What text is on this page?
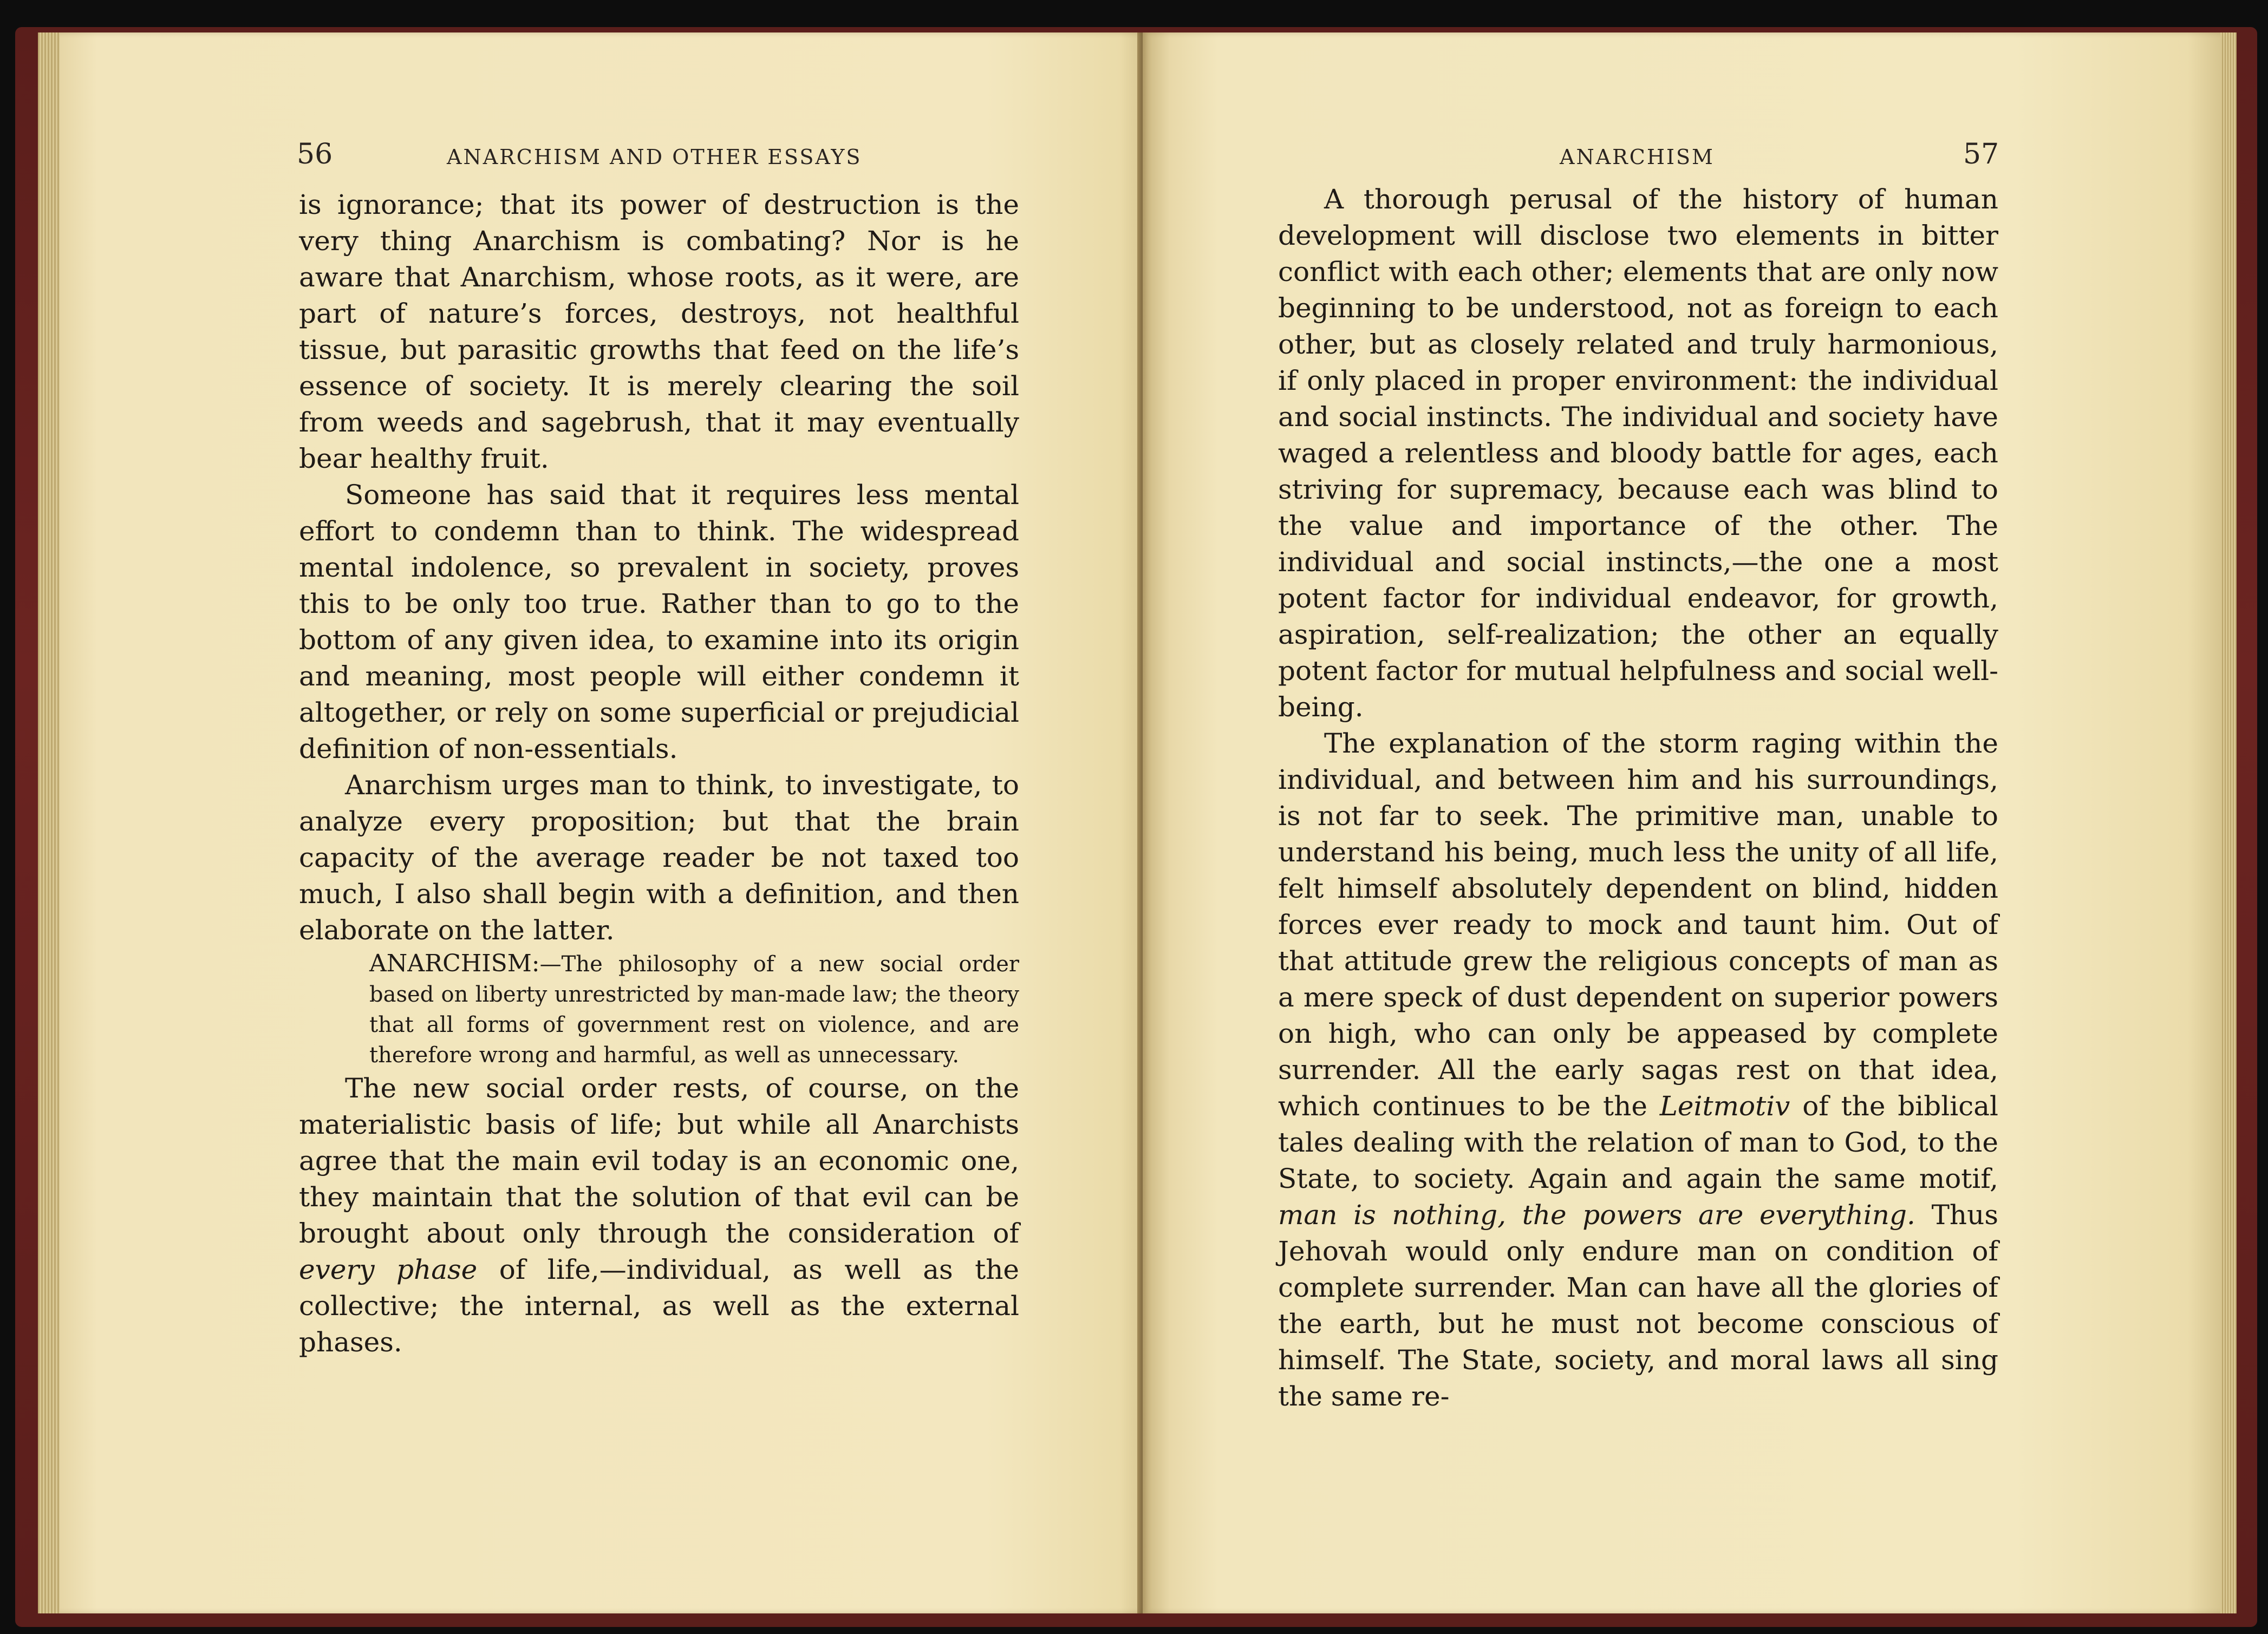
56	ANARCHISM AND OTHER ESSAYS

is ignorance; that its power of destruction is the very thing Anarchism is combating? Nor is he aware that Anarchism, whose roots, as it were, are part of nature’s forces, destroys, not healthful tissue, but parasitic growths that feed on the life’s essence of society. It is merely clearing the soil from weeds and sagebrush, that it may eventually bear healthy fruit.

Someone has said that it requires less mental effort to condemn than to think. The widespread mental indolence, so prevalent in society, proves this to be only too true. Rather than to go to the bottom of any given idea, to examine into its origin and meaning, most people will either condemn it altogether, or rely on some superficial or prejudicial definition of non-essentials.

Anarchism urges man to think, to investigate, to analyze every proposition; but that the brain capacity of the average reader be not taxed too much, I also shall begin with a definition, and then elaborate on the latter.

ANARCHISM:—The philosophy of a new social order based on liberty unrestricted by man-made law; the theory that all forms of government rest on violence, and are therefore wrong and harmful, as well as unnecessary.

The new social order rests, of course, on the materialistic basis of life; but while all Anarchists agree that the main evil today is an economic one, they maintain that the solution of that evil can be brought about only through the consideration of every phase of life,—individual, as well as the collective; the internal, as well as the external phases.

ANARCHISM	57

A thorough perusal of the history of human development will disclose two elements in bitter conflict with each other; elements that are only now beginning to be understood, not as foreign to each other, but as closely related and truly harmonious, if only placed in proper environment: the individual and social instincts. The individual and society have waged a relentless and bloody battle for ages, each striving for supremacy, because each was blind to the value and importance of the other. The individual and social instincts,—the one a most potent factor for individual endeavor, for growth, aspiration, self-realization; the other an equally potent factor for mutual helpfulness and social well-being.

The explanation of the storm raging within the individual, and between him and his surroundings, is not far to seek. The primitive man, unable to understand his being, much less the unity of all life, felt himself absolutely dependent on blind, hidden forces ever ready to mock and taunt him. Out of that attitude grew the religious concepts of man as a mere speck of dust dependent on superior powers on high, who can only be appeased by complete surrender. All the early sagas rest on that idea, which continues to be the Leitmotiv of the biblical tales dealing with the relation of man to God, to the State, to society. Again and again the same motif, man is nothing, the powers are everything. Thus Jehovah would only endure man on condition of complete surrender. Man can have all the glories of the earth, but he must not become conscious of himself. The State, society, and moral laws all sing the same re-
